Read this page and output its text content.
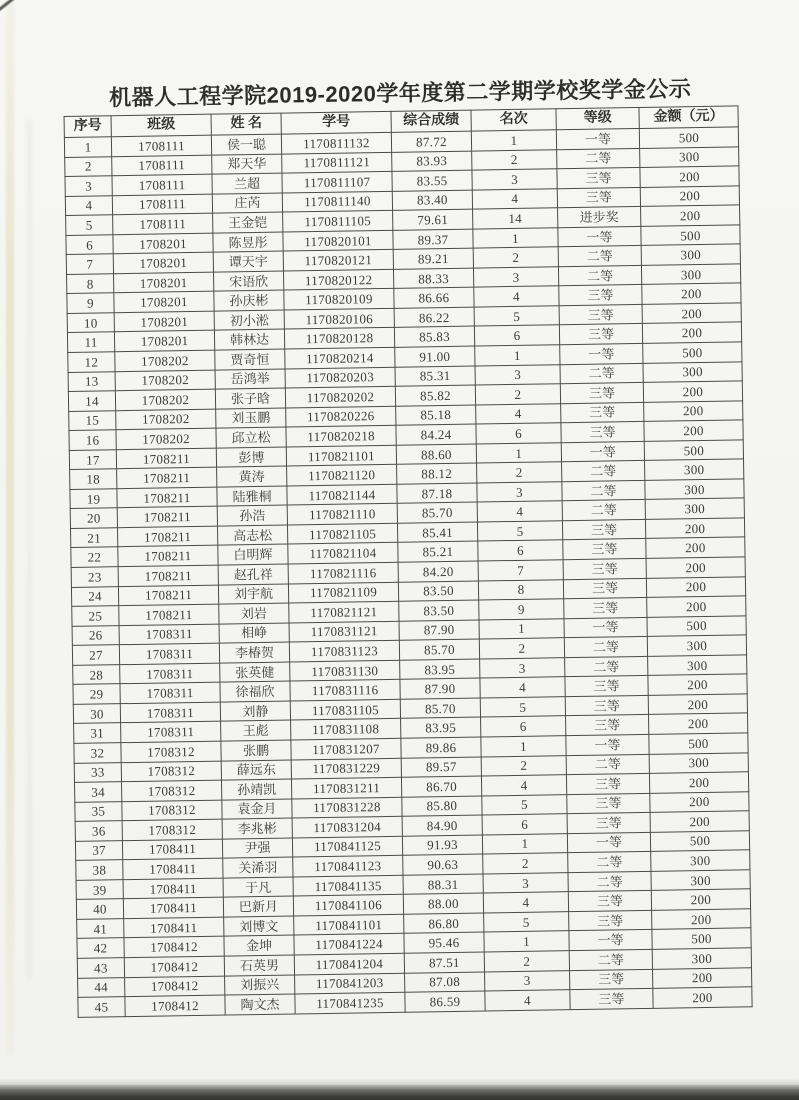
机器人工程学院2019-2020学年度第二学期学校奖学金公示
序号	班级	姓 名	学号	综合成绩	名次	等级	金额（元）
1	1708111	侯一聪	1170811132	87.72	1	一等	500
2	1708111	郑天华	1170811121	83.93	2	二等	300
3	1708111	兰超	1170811107	83.55	3	三等	200
4	1708111	庄芮	1170811140	83.40	4	三等	200
5	1708111	王金铠	1170811105	79.61	14	进步奖	200
6	1708201	陈昱彤	1170820101	89.37	1	一等	500
7	1708201	谭天宇	1170820121	89.21	2	二等	300
8	1708201	宋语欣	1170820122	88.33	3	二等	300
9	1708201	孙庆彬	1170820109	86.66	4	三等	200
10	1708201	初小淞	1170820106	86.22	5	三等	200
11	1708201	韩林达	1170820128	85.83	6	三等	200
12	1708202	贾奇恒	1170820214	91.00	1	一等	500
13	1708202	岳鸿举	1170820203	85.31	3	二等	300
14	1708202	张子晗	1170820202	85.82	2	三等	200
15	1708202	刘玉鹏	1170820226	85.18	4	三等	200
16	1708202	邱立松	1170820218	84.24	6	三等	200
17	1708211	彭博	1170821101	88.60	1	一等	500
18	1708211	黄涛	1170821120	88.12	2	二等	300
19	1708211	陆雅桐	1170821144	87.18	3	二等	300
20	1708211	孙浩	1170821110	85.70	4	二等	300
21	1708211	高志松	1170821105	85.41	5	三等	200
22	1708211	白明辉	1170821104	85.21	6	三等	200
23	1708211	赵孔祥	1170821116	84.20	7	三等	200
24	1708211	刘宇航	1170821109	83.50	8	三等	200
25	1708211	刘岩	1170821121	83.50	9	三等	200
26	1708311	相峥	1170831121	87.90	1	一等	500
27	1708311	李椿贺	1170831123	85.70	2	二等	300
28	1708311	张英健	1170831130	83.95	3	二等	300
29	1708311	徐福欣	1170831116	87.90	4	三等	200
30	1708311	刘静	1170831105	85.70	5	三等	200
31	1708311	王彪	1170831108	83.95	6	三等	200
32	1708312	张鹏	1170831207	89.86	1	一等	500
33	1708312	薛远东	1170831229	89.57	2	二等	300
34	1708312	孙靖凯	1170831211	86.70	4	三等	200
35	1708312	袁金月	1170831228	85.80	5	三等	200
36	1708312	李兆彬	1170831204	84.90	6	三等	200
37	1708411	尹强	1170841125	91.93	1	一等	500
38	1708411	关浠羽	1170841123	90.63	2	二等	300
39	1708411	于凡	1170841135	88.31	3	二等	300
40	1708411	巴新月	1170841106	88.00	4	三等	200
41	1708411	刘博文	1170841101	86.80	5	三等	200
42	1708412	金坤	1170841224	95.46	1	一等	500
43	1708412	石英男	1170841204	87.51	2	二等	300
44	1708412	刘振兴	1170841203	87.08	3	三等	200
45	1708412	陶文杰	1170841235	86.59	4	三等	200
